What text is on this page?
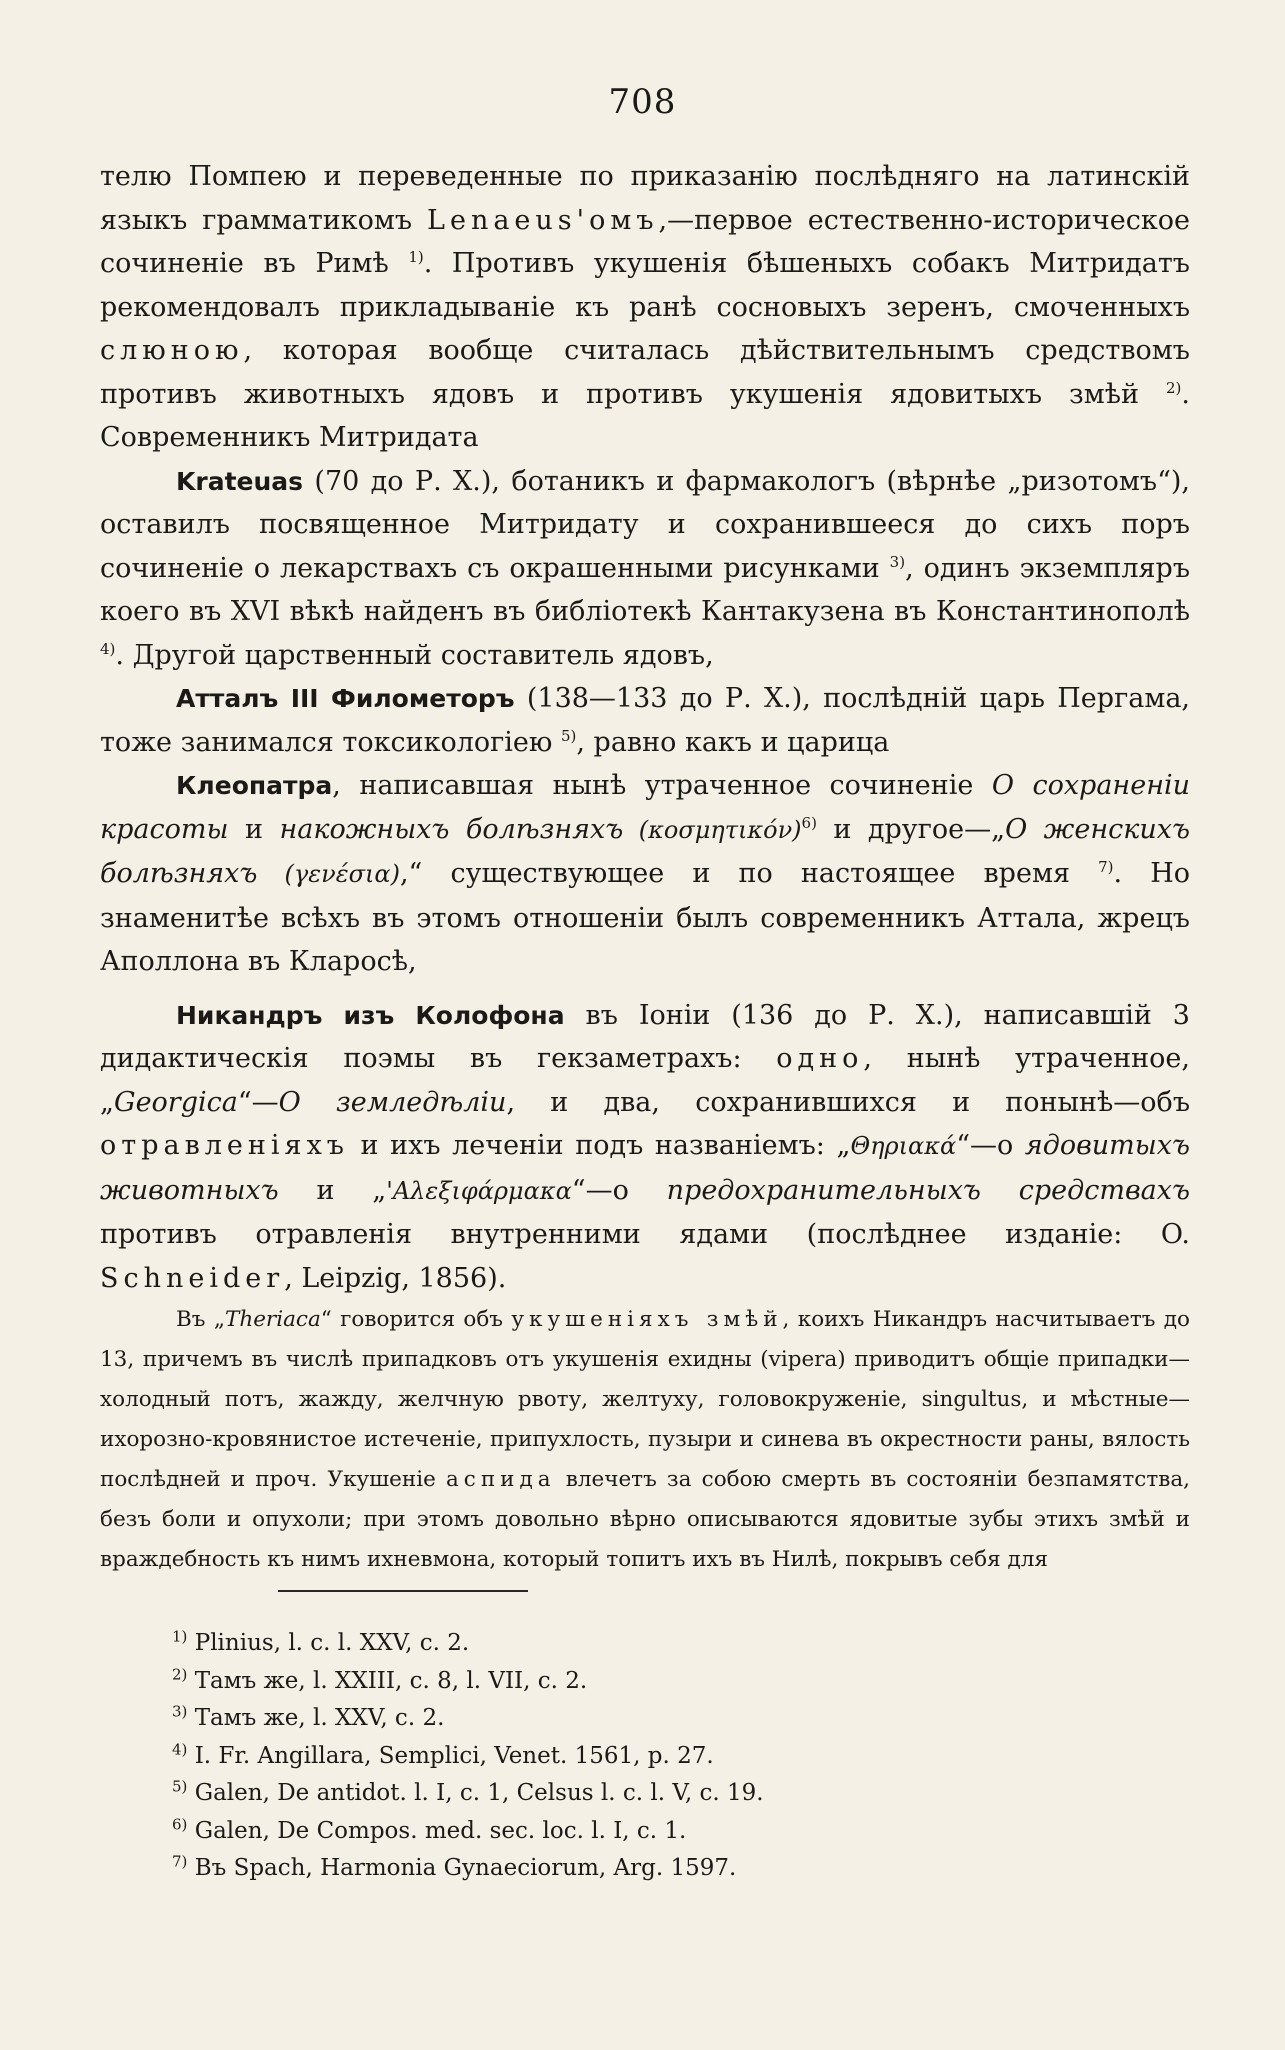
708

телю Помпею и переведенные по приказанію послѣдняго на латинскій языкъ грамматикомъ Lenaeus'омъ,—первое естественно-историческое сочиненіе въ Римѣ $^{1)}$. Противъ укушенія бѣшеныхъ собакъ Митридатъ рекомендовалъ прикладываніе къ ранѣ сосновыхъ зеренъ, смоченныхъ слюною, которая вообще считалась дѣйствительнымъ средствомъ противъ животныхъ ядовъ и противъ укушенія ядовитыхъ змѣй $^{2)}$. Современникъ Митридата

Krateuas (70 до Р. Х.), ботаникъ и фармакологъ (вѣрнѣе „ризотомъ“), оставилъ посвященное Митридату и сохранившееся до сихъ поръ сочиненіе о лекарствахъ съ окрашенными рисунками $^{3)}$, одинъ экземпляръ коего въ XVI вѣкѣ найденъ въ библіотекѣ Кантакузена въ Константинополѣ $^{4)}$. Другой царственный составитель ядовъ,

Атталъ III Филометоръ (138—133 до Р. Х.), послѣдній царь Пергама, тоже занимался токсикологіею $^{5)}$, равно какъ и царица

Клеопатра, написавшая нынѣ утраченное сочиненіе О сохраненіи красоты и накожныхъ болѣзняхъ $(\kappa o\sigma\mu\eta\tau\iota\kappa ό\nu)^{6)}$ и другое—„О женскихъ болѣзняхъ (γενέσια),“ существующее и по настоящее время $^{7)}$. Но знаменитѣе всѣхъ въ этомъ отношеніи былъ современникъ Аттала, жрецъ Аполлона въ Кларосѣ,

Никандръ изъ Колофона въ Іоніи (136 до Р. Х.), написавшій 3 дидактическія поэмы въ гекзаметрахъ: одно, нынѣ утраченное, „Georgica“—О земледѣліи, и два, сохранившихся и понынѣ—объ отравленіяхъ и ихъ леченіи подъ названіемъ: „Θηριακά“—о ядовитыхъ животныхъ и „'Αλεξιφάρμακα“—о предохранительныхъ средствахъ противъ отравленія внутренними ядами (послѣднее изданіе: O. Schneider, Leipzig, 1856).

Въ „Theriaca“ говорится объ укушеніяхъ змѣй, коихъ Никандръ насчитываетъ до 13, причемъ въ числѣ припадковъ отъ укушенія ехидны (vipera) приводитъ общіе припадки—холодный потъ, жажду, желчную рвоту, желтуху, головокруженіе, singultus, и мѣстные—ихорозно-кровянистое истеченіе, припухлость, пузыри и синева въ окрестности раны, вялость послѣдней и проч. Укушеніе аспида влечетъ за собою смерть въ состояніи безпамятства, безъ боли и опухоли; при этомъ довольно вѣрно описываются ядовитые зубы этихъ змѣй и враждебность къ нимъ ихневмона, который топитъ ихъ въ Нилѣ, покрывъ себя для

$^{1)}$ Plinius, l. c. l. XXV, c. 2.
$^{2)}$ Тамъ же, l. XXIII, c. 8, l. VII, c. 2.
$^{3)}$ Тамъ же, l. XXV, c. 2.
$^{4)}$ I. Fr. Angillara, Semplici, Venet. 1561, p. 27.
$^{5)}$ Galen, De antidot. l. I, c. 1, Celsus l. c. l. V, c. 19.
$^{6)}$ Galen, De Compos. med. sec. loc. l. I, c. 1.
$^{7)}$ Въ Spach, Harmonia Gynaeciorum, Arg. 1597.
